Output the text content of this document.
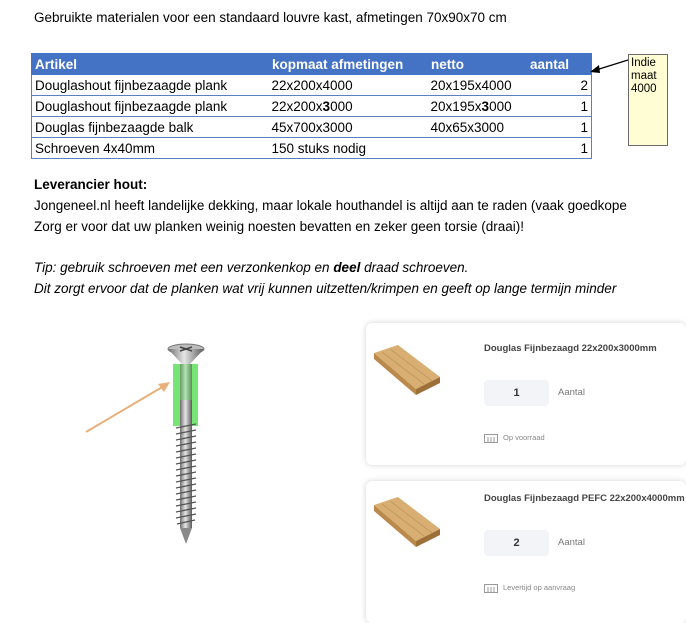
Gebruikte materialen voor een standaard louvre kast, afmetingen 70x90x70 cm
Artikel	kopmaat afmetingen	netto	aantal
Douglashout fijnbezaagde plank	22x200x4000	20x195x4000	2
Douglashout fijnbezaagde plank	22x200x3000	20x195x3000	1
Douglas fijnbezaagde balk	45x700x3000	40x65x3000	1
Schroeven 4x40mm	150 stuks nodig		1
Indie
maat
4000
Leverancier hout:
Jongeneel.nl heeft landelijke dekking, maar lokale houthandel is altijd aan te raden (vaak goedkope
Zorg er voor dat uw planken weinig noesten bevatten en zeker geen torsie (draai)!
Tip: gebruik schroeven met een verzonkenkop en deel draad schroeven.
Dit zorgt ervoor dat de planken wat vrij kunnen uitzetten/krimpen en geeft op lange termijn minder
Douglas Fijnbezaagd 22x200x3000mm
1	Aantal
Op voorraad
Douglas Fijnbezaagd PEFC 22x200x4000mm
2	Aantal
Levertijd op aanvraag
